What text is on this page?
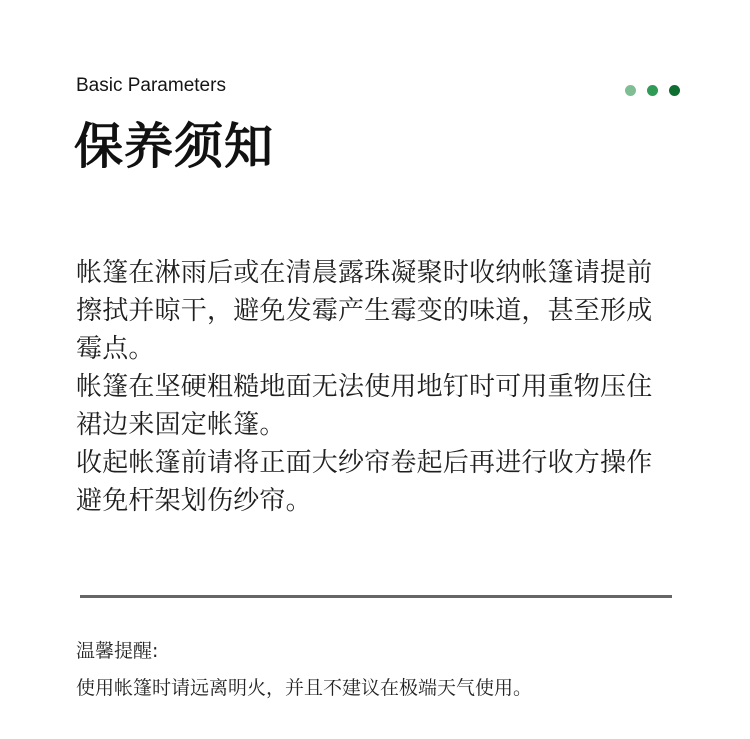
Basic Parameters
保养须知

帐篷在淋雨后或在清晨露珠凝聚时收纳帐篷请提前擦拭并晾干，避免发霉产生霉变的味道，甚至形成霉点。

帐篷在坚硬粗糙地面无法使用地钉时可用重物压住裙边来固定帐篷。

收起帐篷前请将正面大纱帘卷起后再进行收方操作避免杆架划伤纱帘。

温馨提醒:
使用帐篷时请远离明火，并且不建议在极端天气使用。
